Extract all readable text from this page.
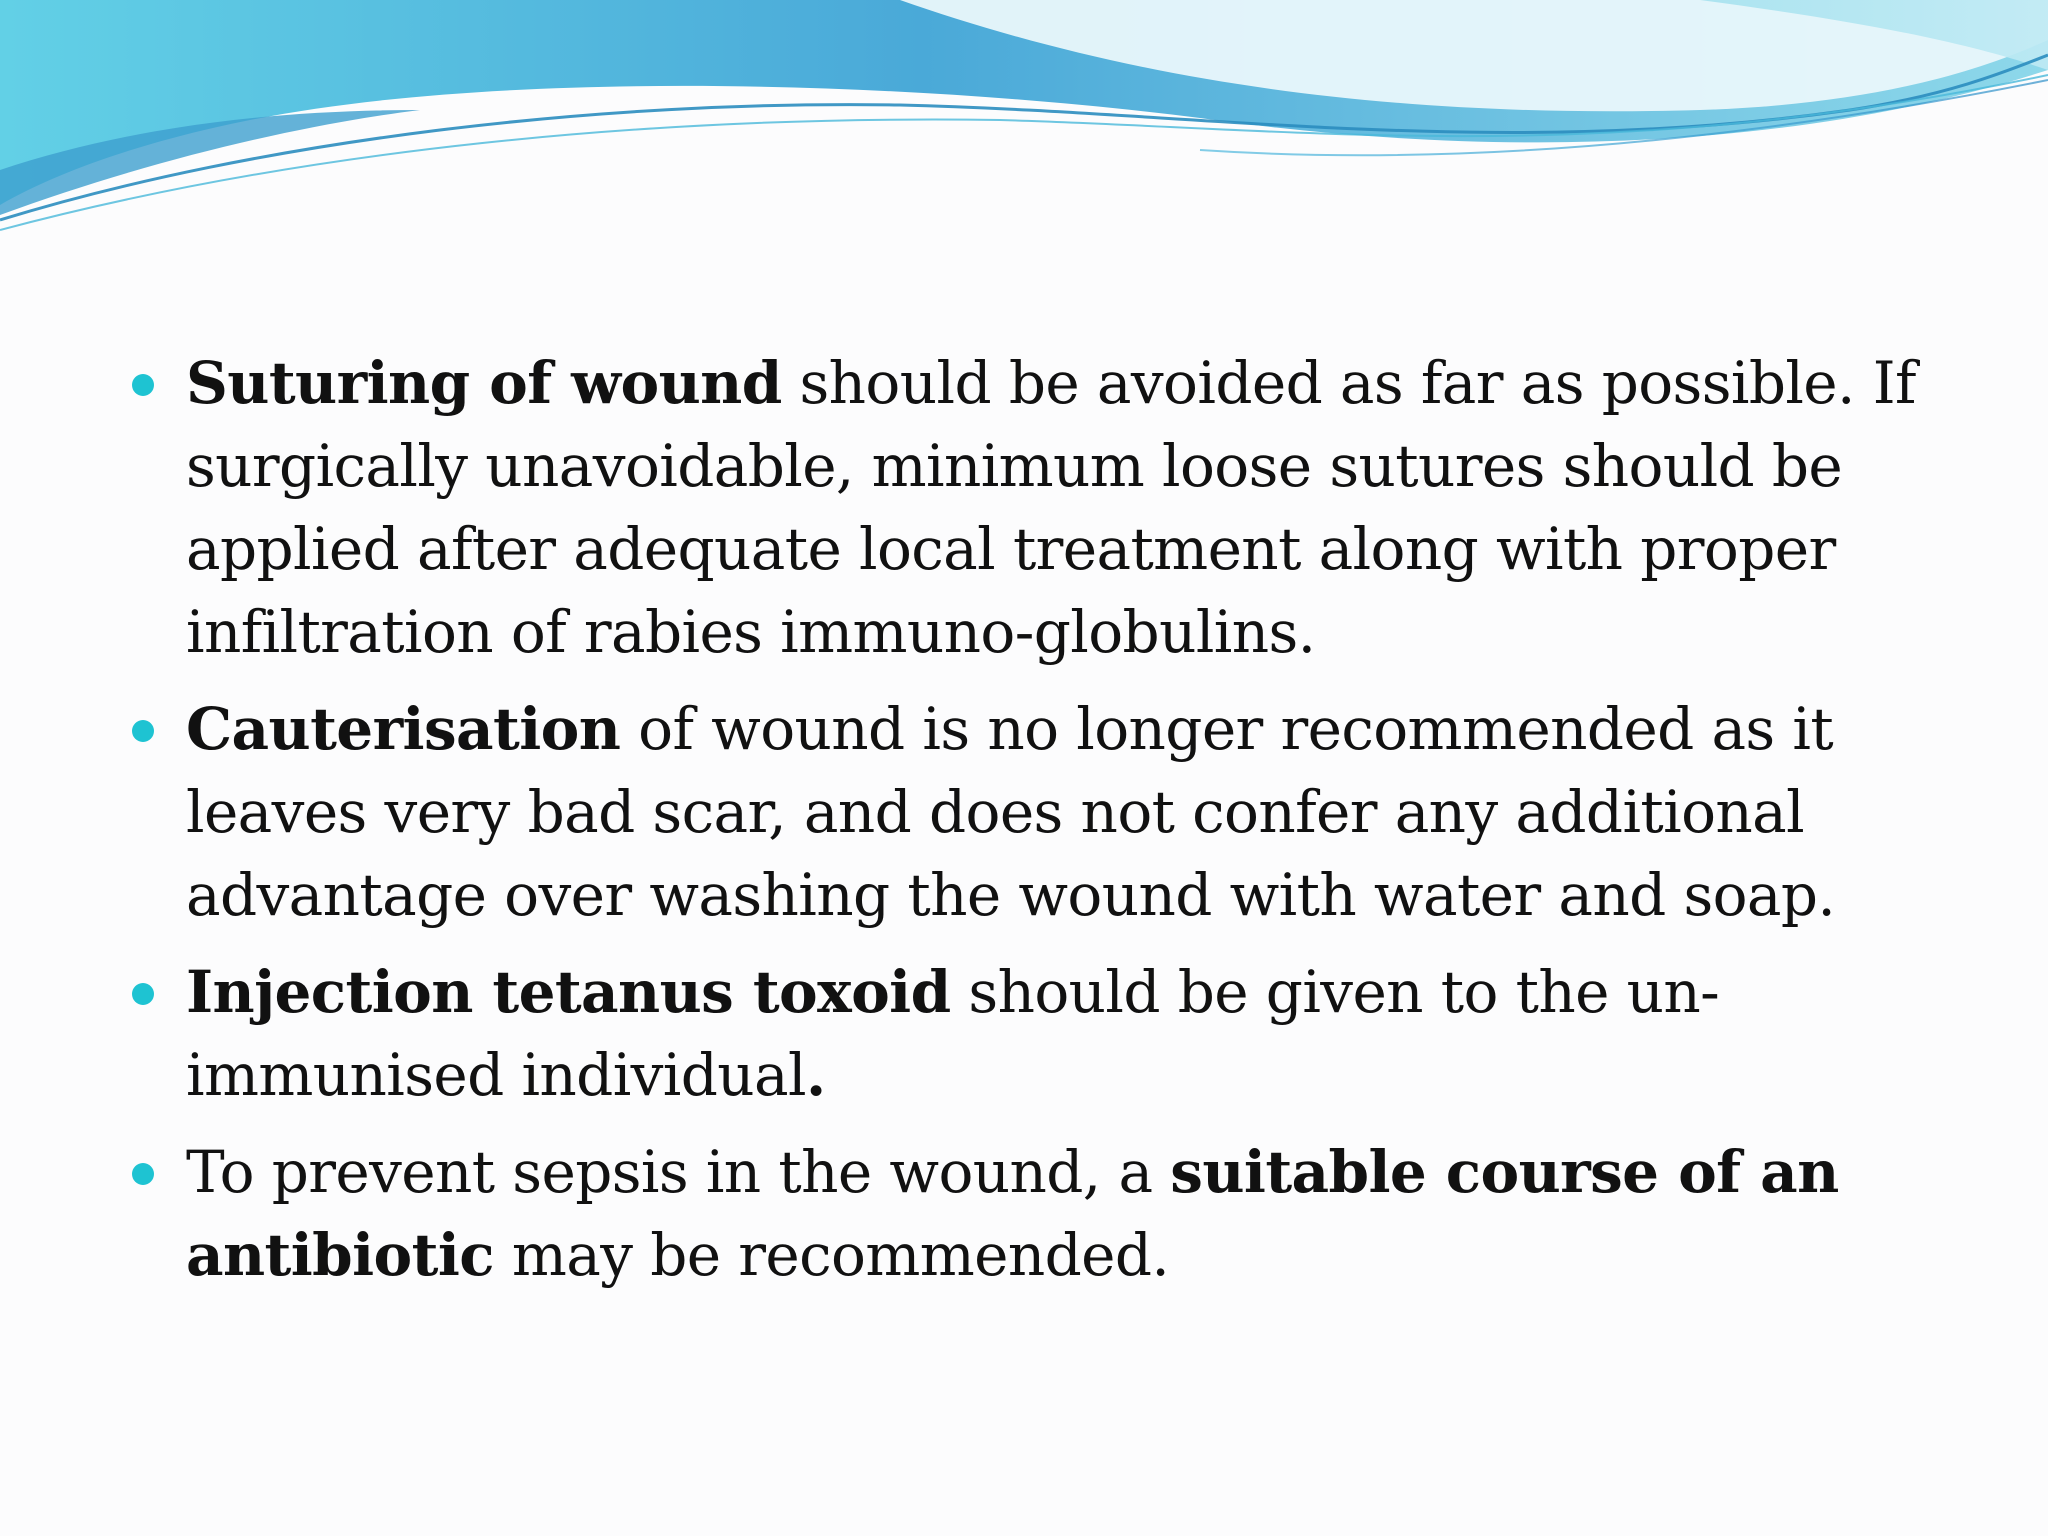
Suturing of wound should be avoided as far as possible. If surgically unavoidable, minimum loose sutures should be applied after adequate local treatment along with proper infiltration of rabies immuno-globulins.
Cauterisation of wound is no longer recommended as it leaves very bad scar, and does not confer any additional advantage over washing the wound with water and soap.
Injection tetanus toxoid should be given to the un-immunised individual.
To prevent sepsis in the wound, a suitable course of an antibiotic may be recommended.
